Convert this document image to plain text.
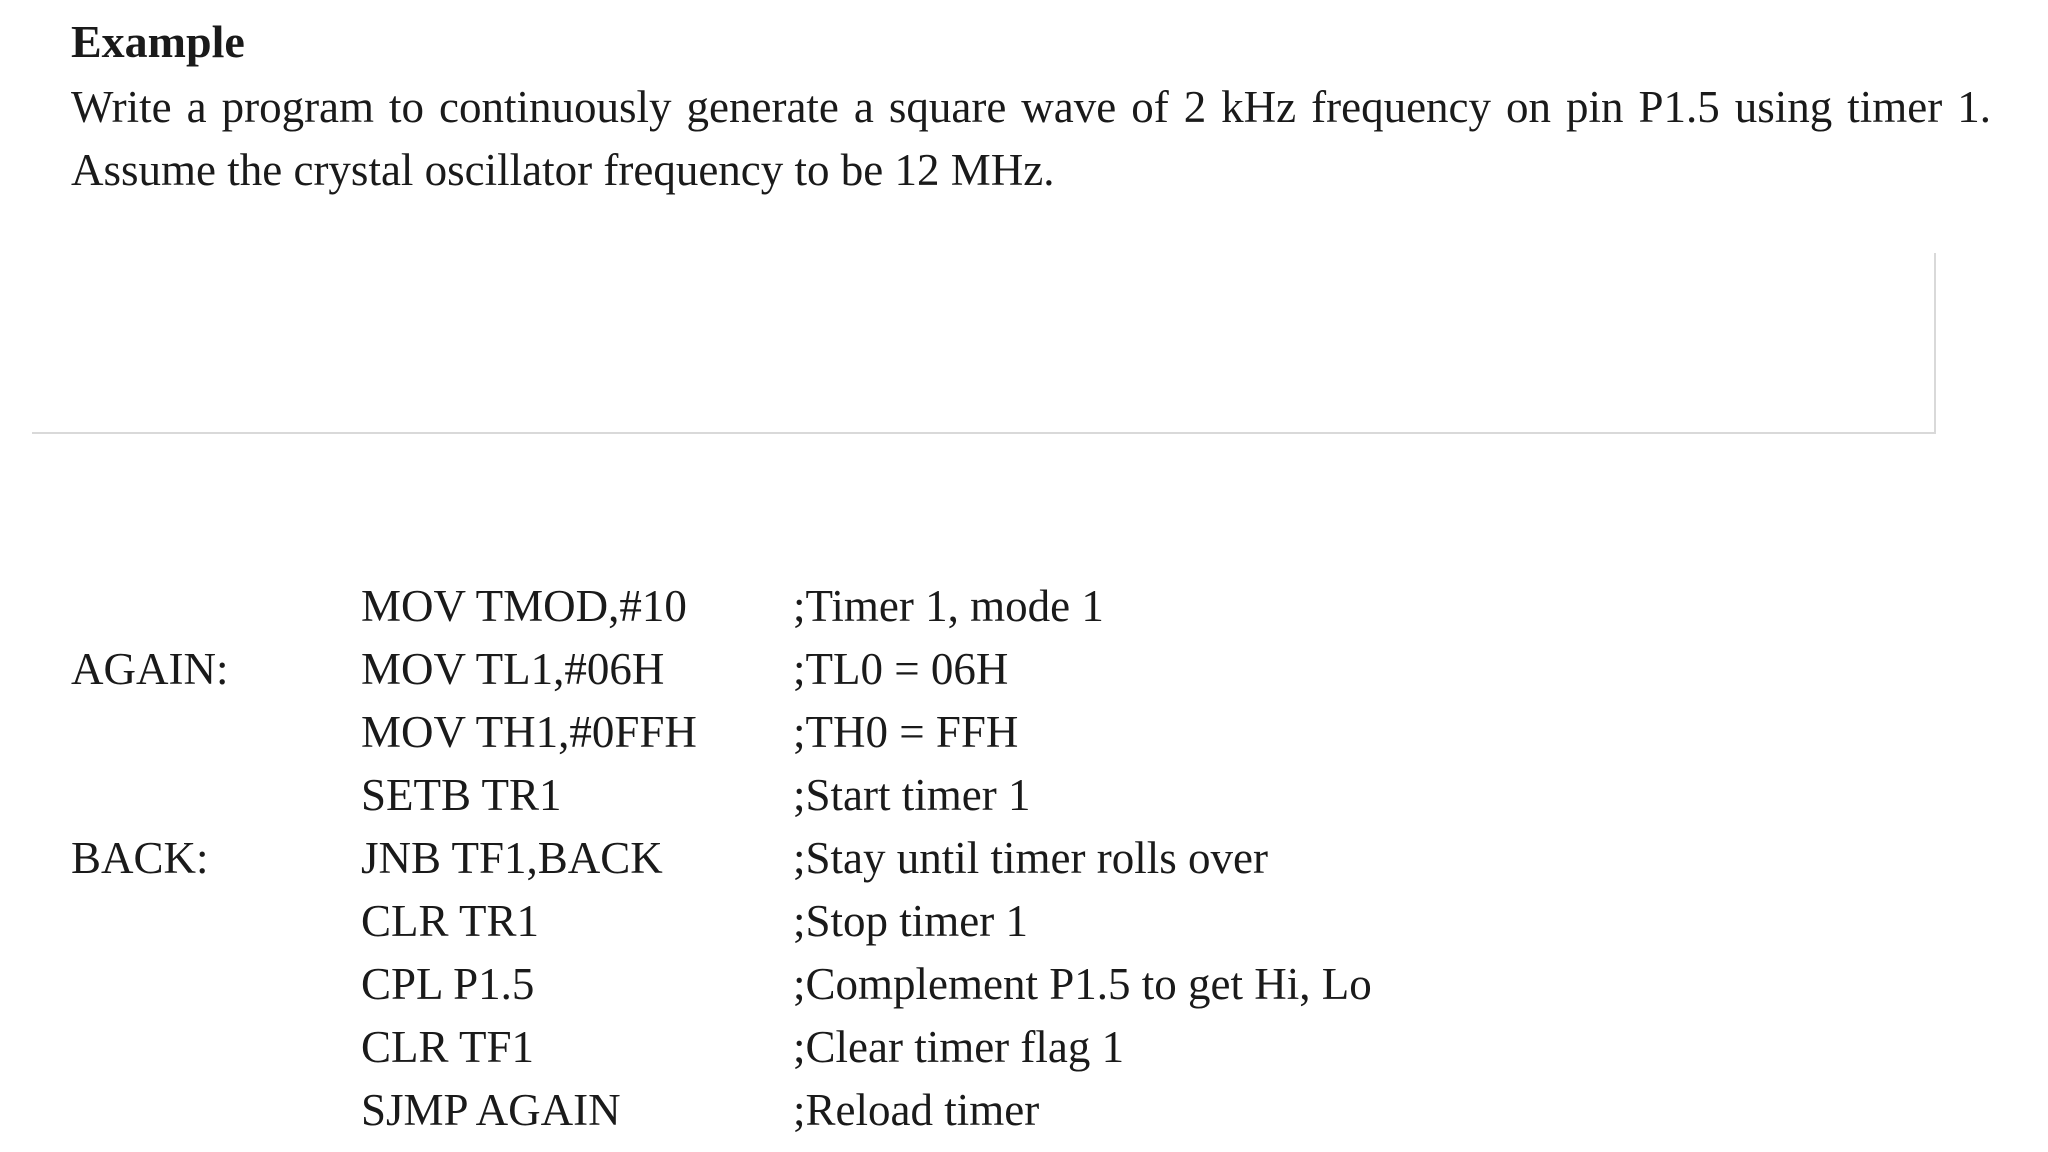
Example

Write a program to continuously generate a square wave of 2 kHz frequency on pin P1.5 using timer 1. Assume the crystal oscillator frequency to be 12 MHz.

MOV TMOD,#10 ;Timer 1, mode 1
AGAIN:	MOV TL1,#06H	;TL0 = 06H
MOV TH1,#0FFH ;TH0 = FFH
SETB TR1	;Start timer 1
BACK:	JNB TF1,BACK	;Stay until timer rolls over
CLR TR1	;Stop timer 1
CPL P1.5	;Complement P1.5 to get Hi, Lo
CLR TF1	;Clear timer flag 1
SJMP AGAIN	;Reload timer
